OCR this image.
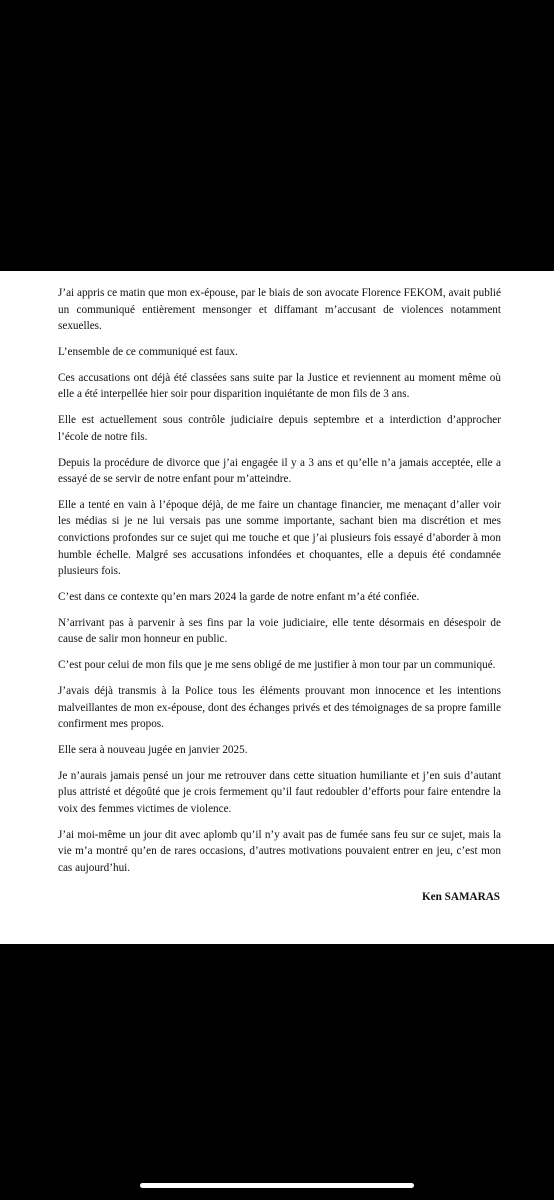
J’ai appris ce matin que mon ex-épouse, par le biais de son avocate Florence FEKOM, avait publié un communiqué entièrement mensonger et diffamant m’accusant de violences notamment sexuelles.

L’ensemble de ce communiqué est faux.

Ces accusations ont déjà été classées sans suite par la Justice et reviennent au moment même où elle a été interpellée hier soir pour disparition inquiétante de mon fils de 3 ans.

Elle est actuellement sous contrôle judiciaire depuis septembre et a interdiction d’approcher l’école de notre fils.

Depuis la procédure de divorce que j’ai engagée il y a 3 ans et qu’elle n’a jamais acceptée, elle a essayé de se servir de notre enfant pour m’atteindre.

Elle a tenté en vain à l’époque déjà, de me faire un chantage financier, me menaçant d’aller voir les médias si je ne lui versais pas une somme importante, sachant bien ma discrétion et mes convictions profondes sur ce sujet qui me touche et que j’ai plusieurs fois essayé d’aborder à mon humble échelle. Malgré ses accusations infondées et choquantes, elle a depuis été condamnée plusieurs fois.

C’est dans ce contexte qu’en mars 2024 la garde de notre enfant m’a été confiée.

N’arrivant pas à parvenir à ses fins par la voie judiciaire, elle tente désormais en désespoir de cause de salir mon honneur en public.

C’est pour celui de mon fils que je me sens obligé de me justifier à mon tour par un communiqué.

J’avais déjà transmis à la Police tous les éléments prouvant mon innocence et les intentions malveillantes de mon ex-épouse, dont des échanges privés et des témoignages de sa propre famille confirment mes propos.

Elle sera à nouveau jugée en janvier 2025.

Je n’aurais jamais pensé un jour me retrouver dans cette situation humiliante et j’en suis d’autant plus attristé et dégoûté que je crois fermement qu’il faut redoubler d’efforts pour faire entendre la voix des femmes victimes de violence.

J’ai moi-même un jour dit avec aplomb qu’il n’y avait pas de fumée sans feu sur ce sujet, mais la vie m’a montré qu’en de rares occasions, d’autres motivations pouvaient entrer en jeu, c’est mon cas aujourd’hui.

Ken SAMARAS
